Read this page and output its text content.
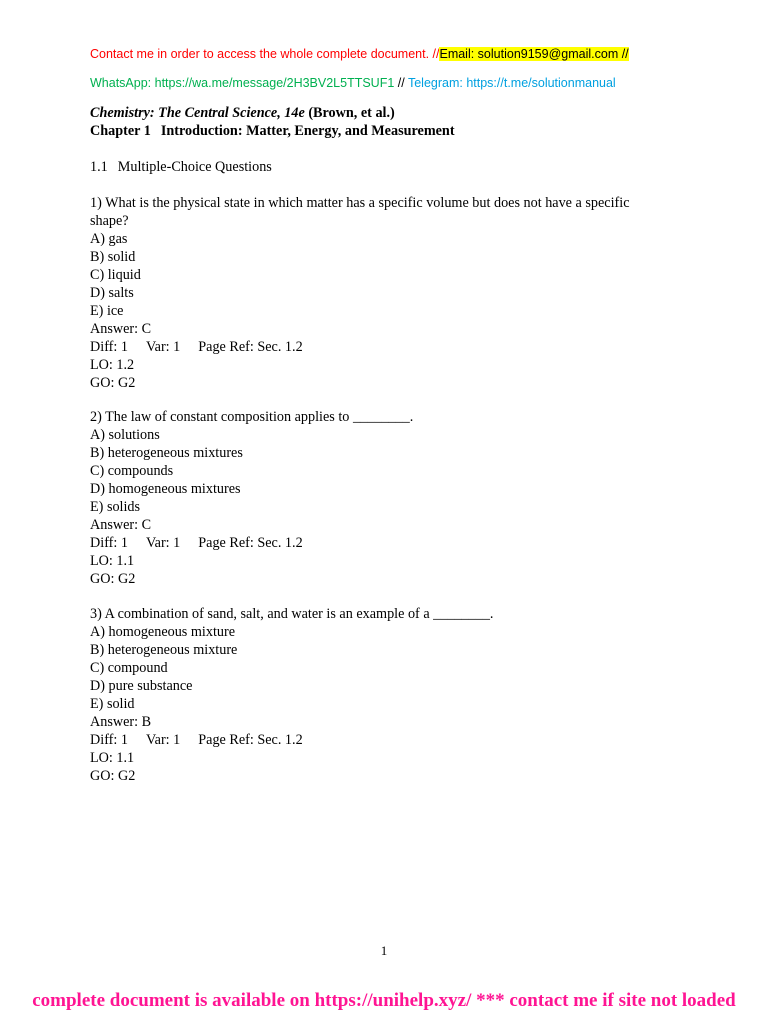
Contact me in order to access the whole complete document. //Email: solution9159@gmail.com //
WhatsApp: https://wa.me/message/2H3BV2L5TTSUF1 // Telegram: https://t.me/solutionmanual
Chemistry: The Central Science, 14e (Brown, et al.)
Chapter 1 Introduction: Matter, Energy, and Measurement
1.1 Multiple-Choice Questions
1) What is the physical state in which matter has a specific volume but does not have a specific
shape?
A) gas
B) solid
C) liquid
D) salts
E) ice
Answer: C
Diff: 1 Var: 1 Page Ref: Sec. 1.2
LO: 1.2
GO: G2
2) The law of constant composition applies to ________.
A) solutions
B) heterogeneous mixtures
C) compounds
D) homogeneous mixtures
E) solids
Answer: C
Diff: 1 Var: 1 Page Ref: Sec. 1.2
LO: 1.1
GO: G2
3) A combination of sand, salt, and water is an example of a ________.
A) homogeneous mixture
B) heterogeneous mixture
C) compound
D) pure substance
E) solid
Answer: B
Diff: 1 Var: 1 Page Ref: Sec. 1.2
LO: 1.1
GO: G2
1
complete document is available on https://unihelp.xyz/ *** contact me if site not loaded
